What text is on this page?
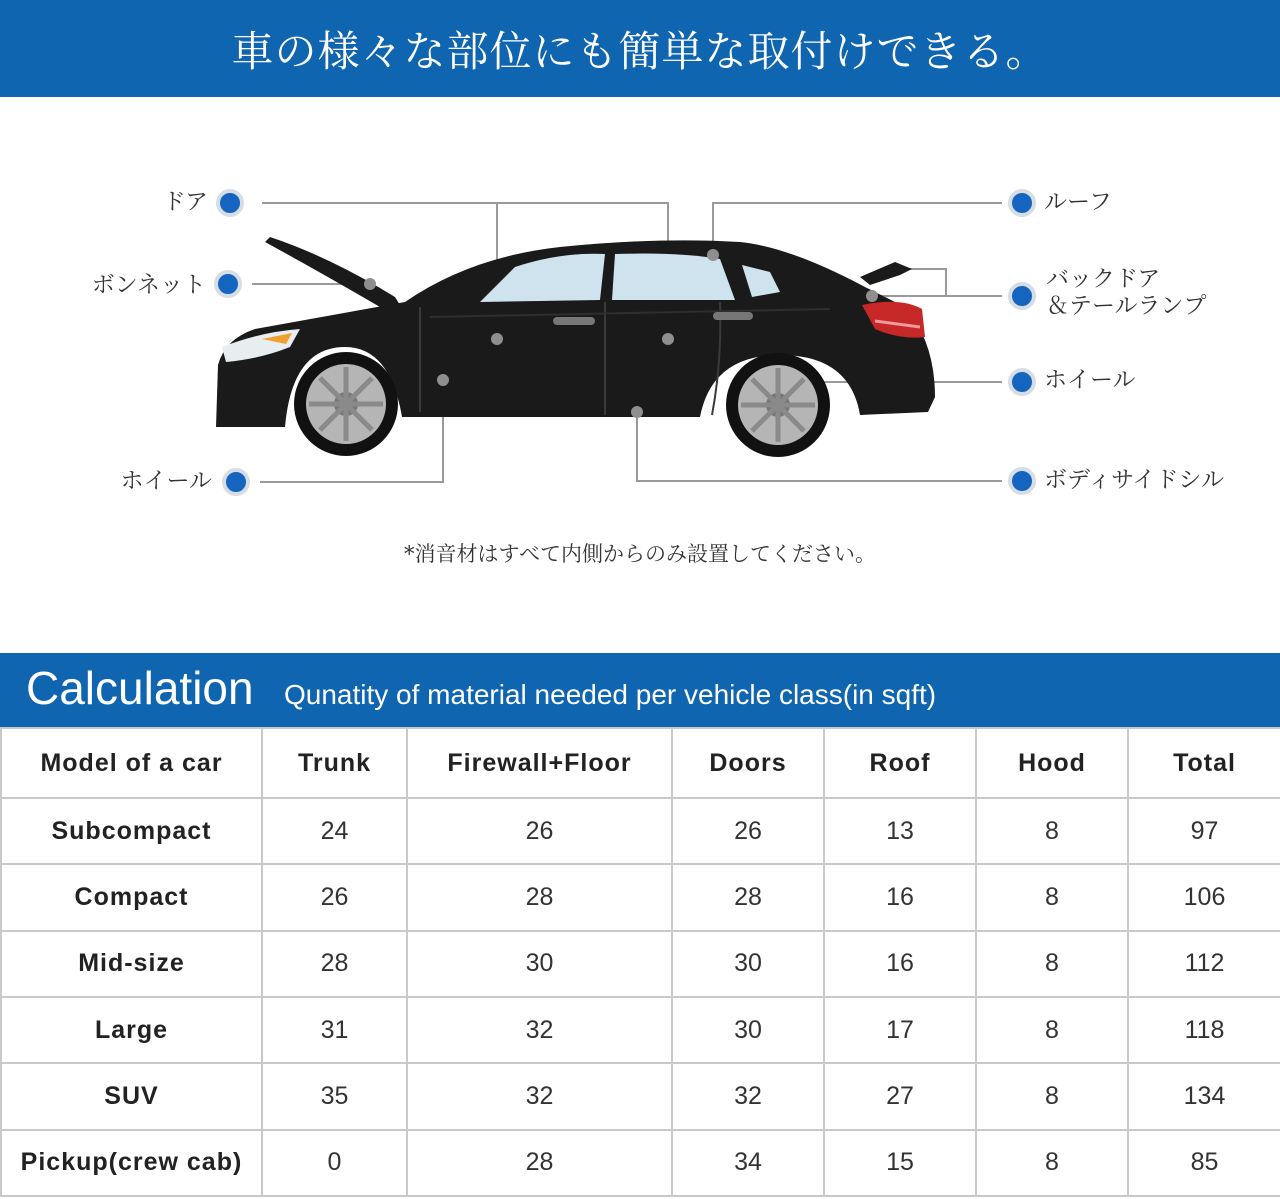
車の様々な部位にも簡単な取付けできる。
ドア
ボンネット
ホイール
ルーフ
バックドア
＆テールランプ
ホイール
ボディサイドシル
*消音材はすべて内側からのみ設置してください。
Calculation Qunatity of material needed per vehicle class(in sqft)
Model of a car	Trunk	Firewall+Floor	Doors	Roof	Hood	Total
Subcompact	24	26	26	13	8	97
Compact	26	28	28	16	8	106
Mid-size	28	30	30	16	8	112
Large	31	32	30	17	8	118
SUV	35	32	32	27	8	134
Pickup(crew cab)	0	28	34	15	8	85
